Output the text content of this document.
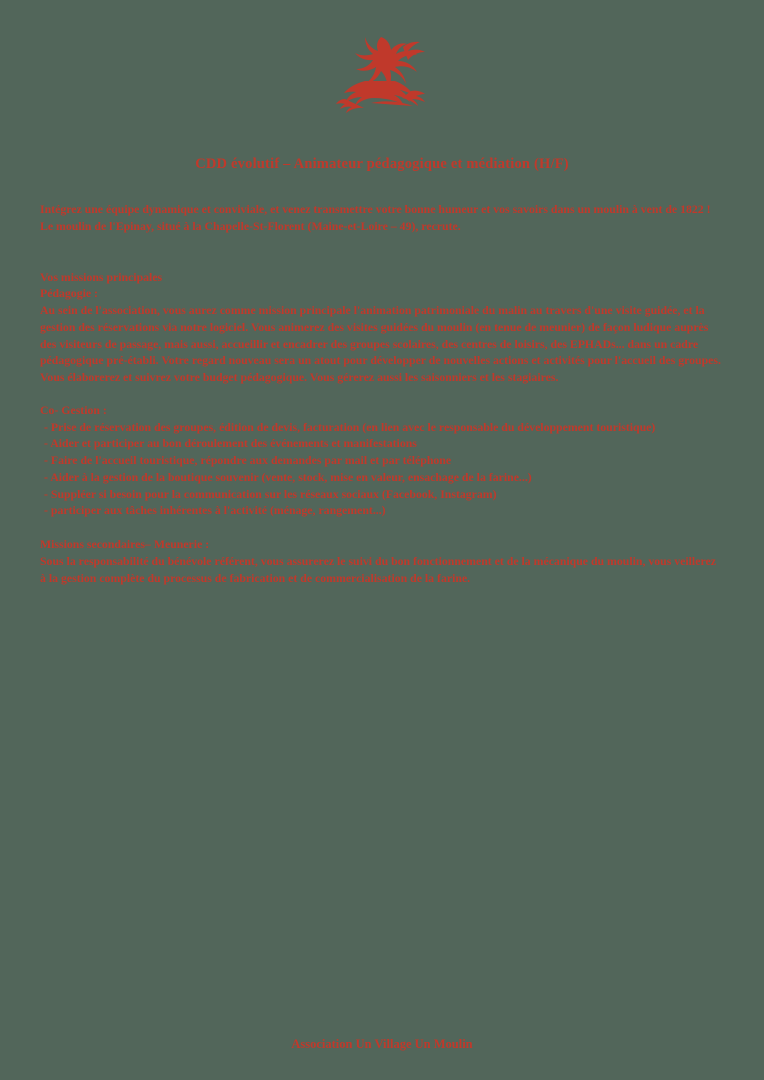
CDD évolutif – Animateur pédagogique et médiation (H/F)

Intégrez une équipe dynamique et conviviale, et venez transmettre votre bonne humeur et vos savoirs dans un moulin à vent de 1822 !

Le moulin de l'Epinay, situé à la Chapelle-St-Florent (Maine-et-Loire – 49), recrute.

Vos missions principales

Pédagogie :

Au sein de l'association, vous aurez comme mission principale l'animation patrimoniale du malin au travers d'une visite guidée, et la gestion des réservations via notre logiciel. Vous animerez des visites guidées du moulin (en tenue de meunier) de façon ludique auprès des visiteurs de passage, mais aussi, accueillir et encadrer des groupes scolaires, des centres de loisirs, des EPHADs... dans un cadre pédagogique pré-établi. Votre regard nouveau sera un atout pour développer de nouvelles actions et activités pour l'accueil des groupes.

Vous élaborerez et suivrez votre budget pédagogique. Vous gérerez aussi les saisonniers et les stagiaires.

Co- Gestion :

- Prise de réservation des groupes, édition de devis, facturation (en lien avec le responsable du développement touristique)

- Aider et participer au bon déroulement des événements et manifestations

- Faire de l'accueil touristique, répondre aux demandes par mail et par téléphone

- Aider à la gestion de la boutique souvenir (vente, stock, mise en valeur, ensachage de la farine...)

- Suppléer si besoin pour la communication sur les réseaux sociaux (Facebook, Instagram)

- participer aux tâches inhérentes à l'activité (ménage, rangement...)

Missions secondaires– Meunerie :

Sous la responsabilité du bénévole référent, vous assurerez le suivi du bon fonctionnement et de la mécanique du moulin, vous veillerez à la gestion complète du processus de fabrication et de commercialisation de la farine.

Association Un Village Un Moulin
